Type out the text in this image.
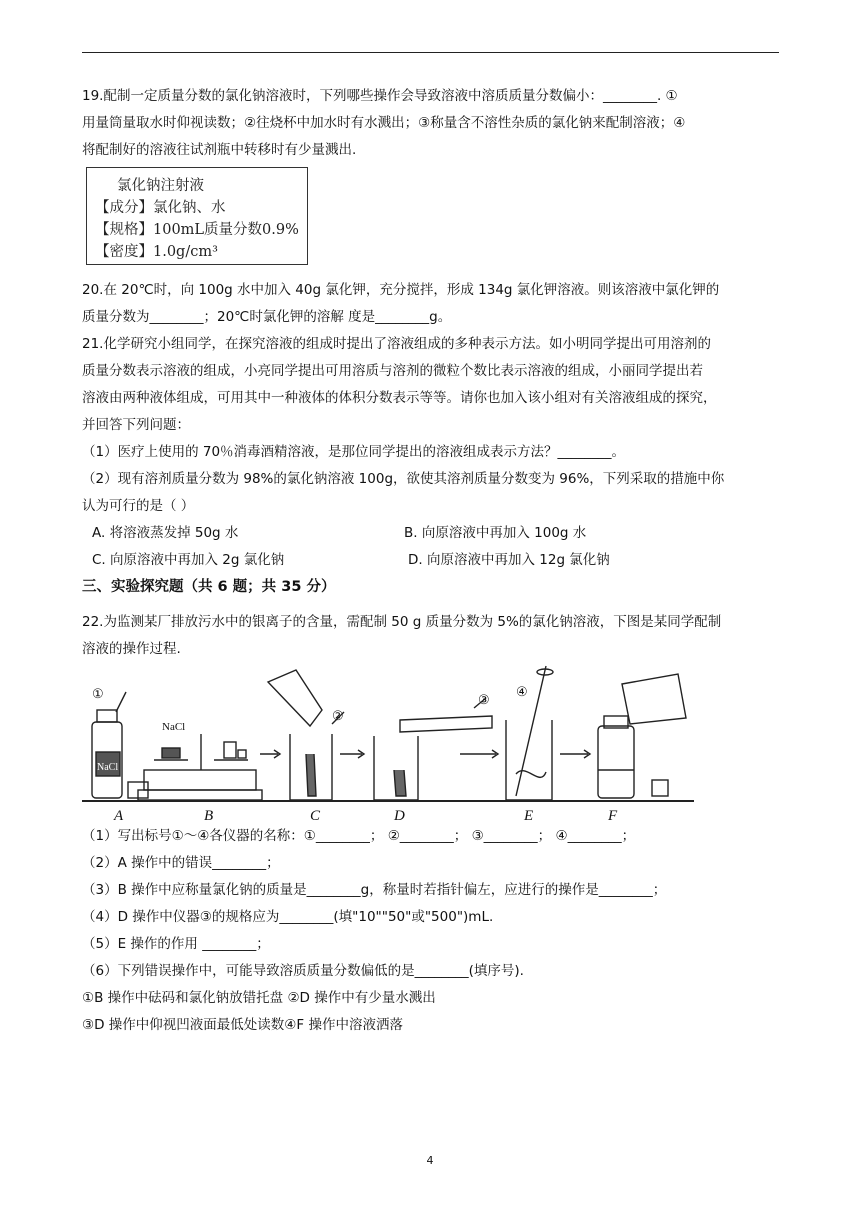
19.配制一定质量分数的氯化钠溶液时，下列哪些操作会导致溶液中溶质质量分数偏小：________. ①
用量筒量取水时仰视读数；②往烧杯中加水时有水溅出；③称量含不溶性杂质的氯化钠来配制溶液；④
将配制好的溶液往试剂瓶中转移时有少量溅出.
氯化钠注射液
【成分】氯化钠、水
【规格】100mL质量分数0.9%
【密度】1.0g/cm³
20.在 20℃时，向 100g 水中加入 40g 氯化钾，充分搅拌，形成 134g 氯化钾溶液。则该溶液中氯化钾的
质量分数为________；20℃时氯化钾的溶解 度是________g。
21.化学研究小组同学，在探究溶液的组成时提出了溶液组成的多种表示方法。如小明同学提出可用溶剂的
质量分数表示溶液的组成，小亮同学提出可用溶质与溶剂的微粒个数比表示溶液的组成，小丽同学提出若
溶液由两种液体组成，可用其中一种液体的体积分数表示等等。请你也加入该小组对有关溶液组成的探究，
并回答下列问题：
（1）医疗上使用的 70％消毒酒精溶液，是那位同学提出的溶液组成表示方法？________。
（2）现有溶剂质量分数为 98%的氯化钠溶液 100g，欲使其溶剂质量分数变为 96%，下列采取的措施中你
认为可行的是（ ）
A. 将溶液蒸发掉 50g 水	B. 向原溶液中再加入 100g 水
C. 向原溶液中再加入 2g 氯化钠	D. 向原溶液中再加入 12g 氯化钠
三、实验探究题（共 6 题；共 35 分）
22.为监测某厂排放污水中的银离子的含量，需配制 50 g 质量分数为 5%的氯化钠溶液，下图是某同学配制
溶液的操作过程.
①
②
③
④
NaCl
NaCl
A	B	C	D	E	F
（1）写出标号①～④各仪器的名称：①________； ②________； ③________； ④________；
（2）A 操作中的错误________；
（3）B 操作中应称量氯化钠的质量是________g，称量时若指针偏左，应进行的操作是________；
（4）D 操作中仪器③的规格应为________(填"10""50"或"500")mL.
（5）E 操作的作用 ________；
（6）下列错误操作中，可能导致溶质质量分数偏低的是________(填序号).
①B 操作中砝码和氯化钠放错托盘 ②D 操作中有少量水溅出
③D 操作中仰视凹液面最低处读数④F 操作中溶液洒落
4
